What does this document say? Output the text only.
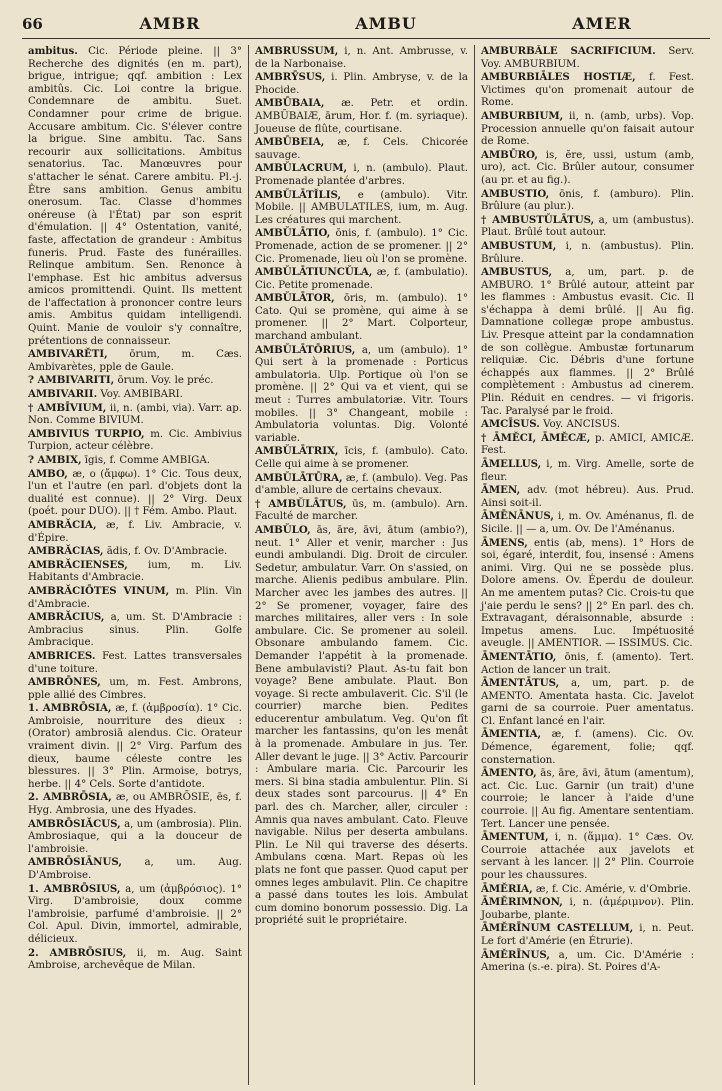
66	AMBR	AMBU	AMER

ambitus. Cic. Période pleine. || 3° Recherche des dignités (en m. part), brigue, intrigue; qqf. ambition : Lex ambitûs. Cic. Loi contre la brigue. Condemnare de ambitu. Suet. Condamner pour crime de brigue. Accusare ambitum. Cic. S'élever contre la brigue. Sine ambitu. Tac. Sans recourir aux sollicitations. Ambitus senatorius. Tac. Manœuvres pour s'attacher le sénat. Carere ambitu. Pl.-j. Être sans ambition. Genus ambitu onerosum. Tac. Classe d'hommes onéreuse (à l'État) par son esprit d'émulation. || 4° Ostentation, vanité, faste, affectation de grandeur : Ambitus funeris. Prud. Faste des funérailles. Relinque ambitum. Sen. Renonce à l'emphase. Est hic ambitus adversus amicos promittendi. Quint. Ils mettent de l'affectation à prononcer contre leurs amis. Ambitus quidam intelligendi. Quint. Manie de vouloir s'y connaître, prétentions de connaisseur.

AMBIVARĔTI, ōrum, m. Cæs. Ambivarètes, pple de Gaule.

? AMBIVARITI, ōrum. Voy. le préc.

AMBIVARII. Voy. AMBIBARI.

† AMBĪVIUM, ii, n. (ambi, via). Varr. ap. Non. Comme BIVIUM.

AMBIVIUS TURPIO, m. Cic. Ambivius Turpion, acteur célèbre.

? AMBIX, īgis, f. Comme AMBIGA.

AMBO, æ, o (ἄμφω). 1° Cic. Tous deux, l'un et l'autre (en parl. d'objets dont la dualité est connue). || 2° Virg. Deux (poét. pour DUO). || † Fém. Ambo. Plaut.

AMBRĂCIA, æ, f. Liv. Ambracie, v. d'Épire.

AMBRĂCIAS, ădis, f. Ov. D'Ambracie.

AMBRĂCIENSES, ium, m. Liv. Habitants d'Ambracie.

AMBRĂCIŌTES VINUM, m. Plin. Vin d'Ambracie.

AMBRĂCIUS, a, um. St. D'Ambracie : Ambracius sinus. Plin. Golfe Ambracique.

AMBRICES. Fest. Lattes transversales d'une toiture.

AMBRŌNES, um, m. Fest. Ambrons, pple allié des Cimbres.

1. AMBRŌSIA, æ, f. (ἀμβροσία). 1° Cic. Ambroisie, nourriture des dieux : (Orator) ambrosiā alendus. Cic. Orateur vraiment divin. || 2° Virg. Parfum des dieux, baume céleste contre les blessures. || 3° Plin. Armoise, botrys, herbe. || 4° Cels. Sorte d'antidote.

2. AMBRŌSIA, æ, ou AMBRŌSIE, ēs, f. Hyg. Ambrosia, une des Hyades.

AMBRŌSIĂCUS, a, um (ambrosia). Plin. Ambrosiaque, qui a la douceur de l'ambroisie.

AMBRŌSIĀNUS, a, um. Aug. D'Ambroise.

1. AMBRŌSIUS, a, um (ἀμβρόσιος). 1° Virg. D'ambroisie, doux comme l'ambroisie, parfumé d'ambroisie. || 2° Col. Apul. Divin, immortel, admirable, délicieux.

2. AMBRŌSIUS, ii, m. Aug. Saint Ambroise, archevêque de Milan.

AMBRUSSUM, i, n. Ant. Ambrusse, v. de la Narbonaise.

AMBRȲSUS, i. Plin. Ambryse, v. de la Phocide.

AMBŪBAIA, æ. Petr. et ordin. AMBŪBAIÆ, ārum, Hor. f. (m. syriaque). Joueuse de flûte, courtisane.

AMBŪBEIA, æ, f. Cels. Chicorée sauvage.

AMBŬLACRUM, i, n. (ambulo). Plaut. Promenade plantée d'arbres.

AMBŬLĀTĬLIS, e (ambulo). Vitr. Mobile. || AMBULATILES, ium, m. Aug. Les créatures qui marchent.

AMBŬLĀTIO, ōnis, f. (ambulo). 1° Cic. Promenade, action de se promener. || 2° Cic. Promenade, lieu où l'on se promène.

AMBŬLĀTIUNCŬLA, æ, f. (ambulatio). Cic. Petite promenade.

AMBŬLĀTOR, ōris, m. (ambulo). 1° Cato. Qui se promène, qui aime à se promener. || 2° Mart. Colporteur, marchand ambulant.

AMBŬLĀTŌRIUS, a, um (ambulo). 1° Qui sert à la promenade : Porticus ambulatoria. Ulp. Portique où l'on se promène. || 2° Qui va et vient, qui se meut : Turres ambulatoriæ. Vitr. Tours mobiles. || 3° Changeant, mobile : Ambulatoria voluntas. Dig. Volonté variable.

AMBŬLĀTRIX, īcis, f. (ambulo). Cato. Celle qui aime à se promener.

AMBŬLĀTŪRA, æ, f. (ambulo). Veg. Pas d'amble, allure de certains chevaux.

† AMBŬLĀTUS, ūs, m. (ambulo). Arn. Faculté de marcher.

AMBŬLO, ās, āre, āvi, ātum (ambio?), neut. 1° Aller et venir, marcher : Jus eundi ambulandi. Dig. Droit de circuler. Sedetur, ambulatur. Varr. On s'assied, on marche. Alienis pedibus ambulare. Plin. Marcher avec les jambes des autres. || 2° Se promener, voyager, faire des marches militaires, aller vers : In sole ambulare. Cic. Se promener au soleil. Obsonare ambulando famem. Cic. Demander l'appétit à la promenade. Bene ambulavisti? Plaut. As-tu fait bon voyage? Bene ambulate. Plaut. Bon voyage. Si recte ambulaverit. Cic. S'il (le courrier) marche bien. Pedites educerentur ambulatum. Veg. Qu'on fît marcher les fantassins, qu'on les menât à la promenade. Ambulare in jus. Ter. Aller devant le juge. || 3° Activ. Parcourir : Ambulare maria. Cic. Parcourir les mers. Si bina stadia ambulentur. Plin. Si deux stades sont parcourus. || 4° En parl. des ch. Marcher, aller, circuler : Amnis qua naves ambulant. Cato. Fleuve navigable. Nilus per deserta ambulans. Plin. Le Nil qui traverse des déserts. Ambulans cœna. Mart. Repas où les plats ne font que passer. Quod caput per omnes leges ambulavit. Plin. Ce chapitre a passé dans toutes les lois. Ambulat cum domino bonorum possessio. Dig. La propriété suit le propriétaire.

AMBURBĀLE SACRIFICIUM. Serv. Voy. AMBURBIUM.

AMBURBIĀLES HOSTIÆ, f. Fest. Victimes qu'on promenait autour de Rome.

AMBURBIUM, ii, n. (amb, urbs). Vop. Procession annuelle qu'on faisait autour de Rome.

AMBŪRO, is, ĕre, ussi, ustum (amb, uro), act. Cic. Brûler autour, consumer (au pr. et au fig.).

AMBUSTIO, ōnis, f. (amburo). Plin. Brûlure (au plur.).

† AMBUSTŬLĀTUS, a, um (ambustus). Plaut. Brûlé tout autour.

AMBUSTUM, i, n. (ambustus). Plin. Brûlure.

AMBUSTUS, a, um, part. p. de AMBURO. 1° Brûlé autour, atteint par les flammes : Ambustus evasit. Cic. Il s'échappa à demi brûlé. || Au fig. Damnatione collegæ prope ambustus. Liv. Presque atteint par la condamnation de son collègue. Ambustæ fortunarum reliquiæ. Cic. Débris d'une fortune échappés aux flammes. || 2° Brûlé complètement : Ambustus ad cinerem. Plin. Réduit en cendres. — vi frigoris. Tac. Paralysé par le froid.

AMCĪSUS. Voy. ANCISUS.

† ĀMĔCI, ĀMĔCÆ, p. AMICI, AMICÆ. Fest.

ĀMELLUS, i, m. Virg. Amelle, sorte de fleur.

ĀMEN, adv. (mot hébreu). Aus. Prud. Ainsi soit-il.

ĀMĒNĀNUS, i, m. Ov. Aménanus, fl. de Sicile. || — a, um. Ov. De l'Aménanus.

ĀMENS, entis (ab, mens). 1° Hors de soi, égaré, interdit, fou, insensé : Amens animi. Virg. Qui ne se possède plus. Dolore amens. Ov. Éperdu de douleur. An me amentem putas? Cic. Crois-tu que j'aie perdu le sens? || 2° En parl. des ch. Extravagant, déraisonnable, absurde : Impetus amens. Luc. Impétuosité aveugle. || AMENTIOR. — ISSIMUS. Cic.

ĀMENTĀTIO, ōnis, f. (amento). Tert. Action de lancer un trait.

ĀMENTĀTUS, a, um, part. p. de AMENTO. Amentata hasta. Cic. Javelot garni de sa courroie. Puer amentatus. Cl. Enfant lancé en l'air.

ĀMENTIA, æ, f. (amens). Cic. Ov. Démence, égarement, folie; qqf. consternation.

ĀMENTO, ās, āre, āvi, ātum (amentum), act. Cic. Luc. Garnir (un trait) d'une courroie; le lancer à l'aide d'une courroie. || Au fig. Amentare sententiam. Tert. Lancer une pensée.

ĀMENTUM, i, n. (ἅμμα). 1° Cæs. Ov. Courroie attachée aux javelots et servant à les lancer. || 2° Plin. Courroie pour les chaussures.

ĀMĔRIA, æ, f. Cic. Amérie, v. d'Ombrie.

ĀMĔRIMNON, i, n. (ἀμέριμνον). Plin. Joubarbe, plante.

ĀMĔRĪNUM CASTELLUM, i, n. Peut. Le fort d'Amérie (en Étrurie).

ĀMĔRĪNUS, a, um. Cic. D'Amérie : Amerina (s.-e. pira). St. Poires d'A-
